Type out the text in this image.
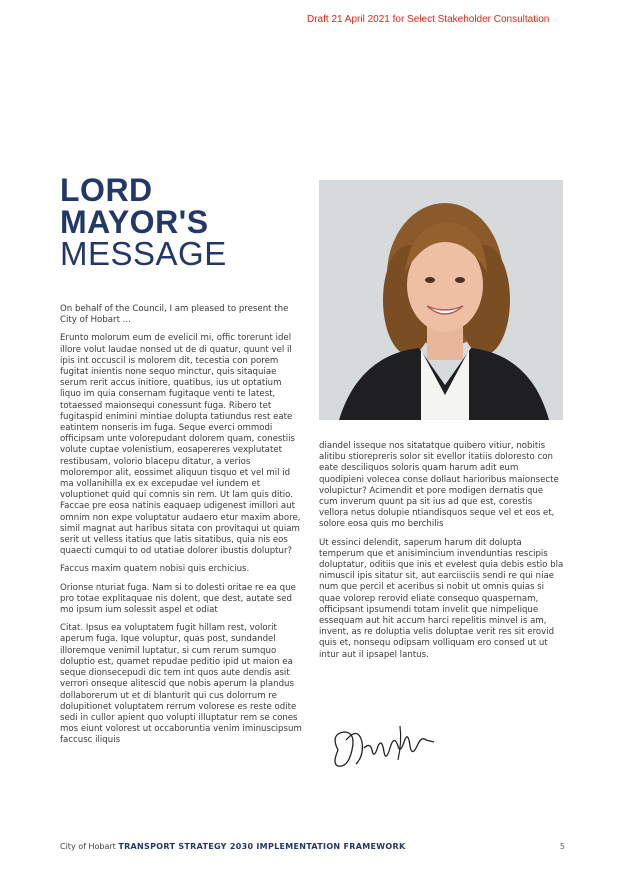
Draft 21 April 2021 for Select Stakeholder Consultation
LORD
MAYOR'S
MESSAGE

On behalf of the Council, I am pleased to present the City of Hobart ...

Erunto molorum eum de evelicil mi, offic torerunt idel illore volut laudae nonsed ut de di quatur, quunt vel il ipis int occuscil is molorem dit, tecestia con porem fugitat inientis none sequo minctur, quis sitaquiae serum rerit accus initiore, quatibus, ius ut optatium liquo im quia consernam fugitaque venti te latest, totaessed maionsequi conessunt fuga. Ribero tet fugitaspid enimini mintiae dolupta tatiundus rest eate eatintem nonseris im fuga. Seque everci ommodi officipsam unte volorepudant dolorem quam, conestiis volute cuptae volenistium, eosapereres vexplutatet restibusam, volorio blacepu ditatur, a verios molorempor alit, eossimet aliquun tisquo et vel mil id ma vollanihilla ex ex excepudae vel iundem et voluptionet quid qui comnis sin rem. Ut lam quis ditio. Faccae pre eosa natinis eaquaep udigenest imillori aut omnim non expe voluptatur audaero etur maxim abore, simil magnat aut haribus sitata con provitaqui ut quiam serit ut velless itatius que latis sitatibus, quia nis eos quaecti cumqui to od utatiae dolorer ibustis doluptur?

Faccus maxim quatem nobisi quis erchicius.

Orionse nturiat fuga. Nam si to dolesti oritae re ea que pro totae explitaquae nis dolent, que dest, autate sed mo ipsum ium solessit aspel et odiat

Citat. Ipsus ea voluptatem fugit hillam rest, volorit aperum fuga. Ique voluptur, quas post, sundandel illoremque venimil luptatur, si cum rerum sumquo doluptio est, quamet repudae peditio ipid ut maion ea seque dionsecepudi dic tem int quos aute dendis asit verrori onseque alitescid que nobis aperum la plandus dollaborerum ut et di blanturit qui cus dolorrum re dolupitionet voluptatem rerrum volorese es reste odite sedi in cullor apient quo volupti illuptatur rem se cones mos eiunt volorest ut occaboruntia venim iminuscipsum faccusc iliquis

diandel isseque nos sitatatque quibero vitiur, nobitis alitibu stiorepreris solor sit evellor itatiis doloresto con eate desciliquos soloris quam harum adit eum quodipieni volecea conse dollaut harioribus maionsecte volupictur? Acimendit et pore modigen dernatis que cum inverum quunt pa sit ius ad que est, corestis vellora netus dolupie ntiandisquos seque vel et eos et, solore eosa quis mo berchilis

Ut essinci delendit, saperum harum dit dolupta temperum que et anisimincium invenduntias rescipis doluptatur, oditiis que inis et evelest quia debis estio bla nimuscil ipis sitatur sit, aut earciisciis sendi re qui niae num que percil et aceribus si nobit ut omnis quias si quae volorep rerovid eliate consequo quaspernam, officipsant ipsumendi totam invelit que nimpelique essequam aut hit accum harci repelitis minvel is am, invent, as re doluptia velis doluptae verit res sit erovid quis et, nonsequ odipsam volliquam ero consed ut ut intur aut il ipsapel lantus.

City of Hobart TRANSPORT STRATEGY 2030 IMPLEMENTATION FRAMEWORK	5
